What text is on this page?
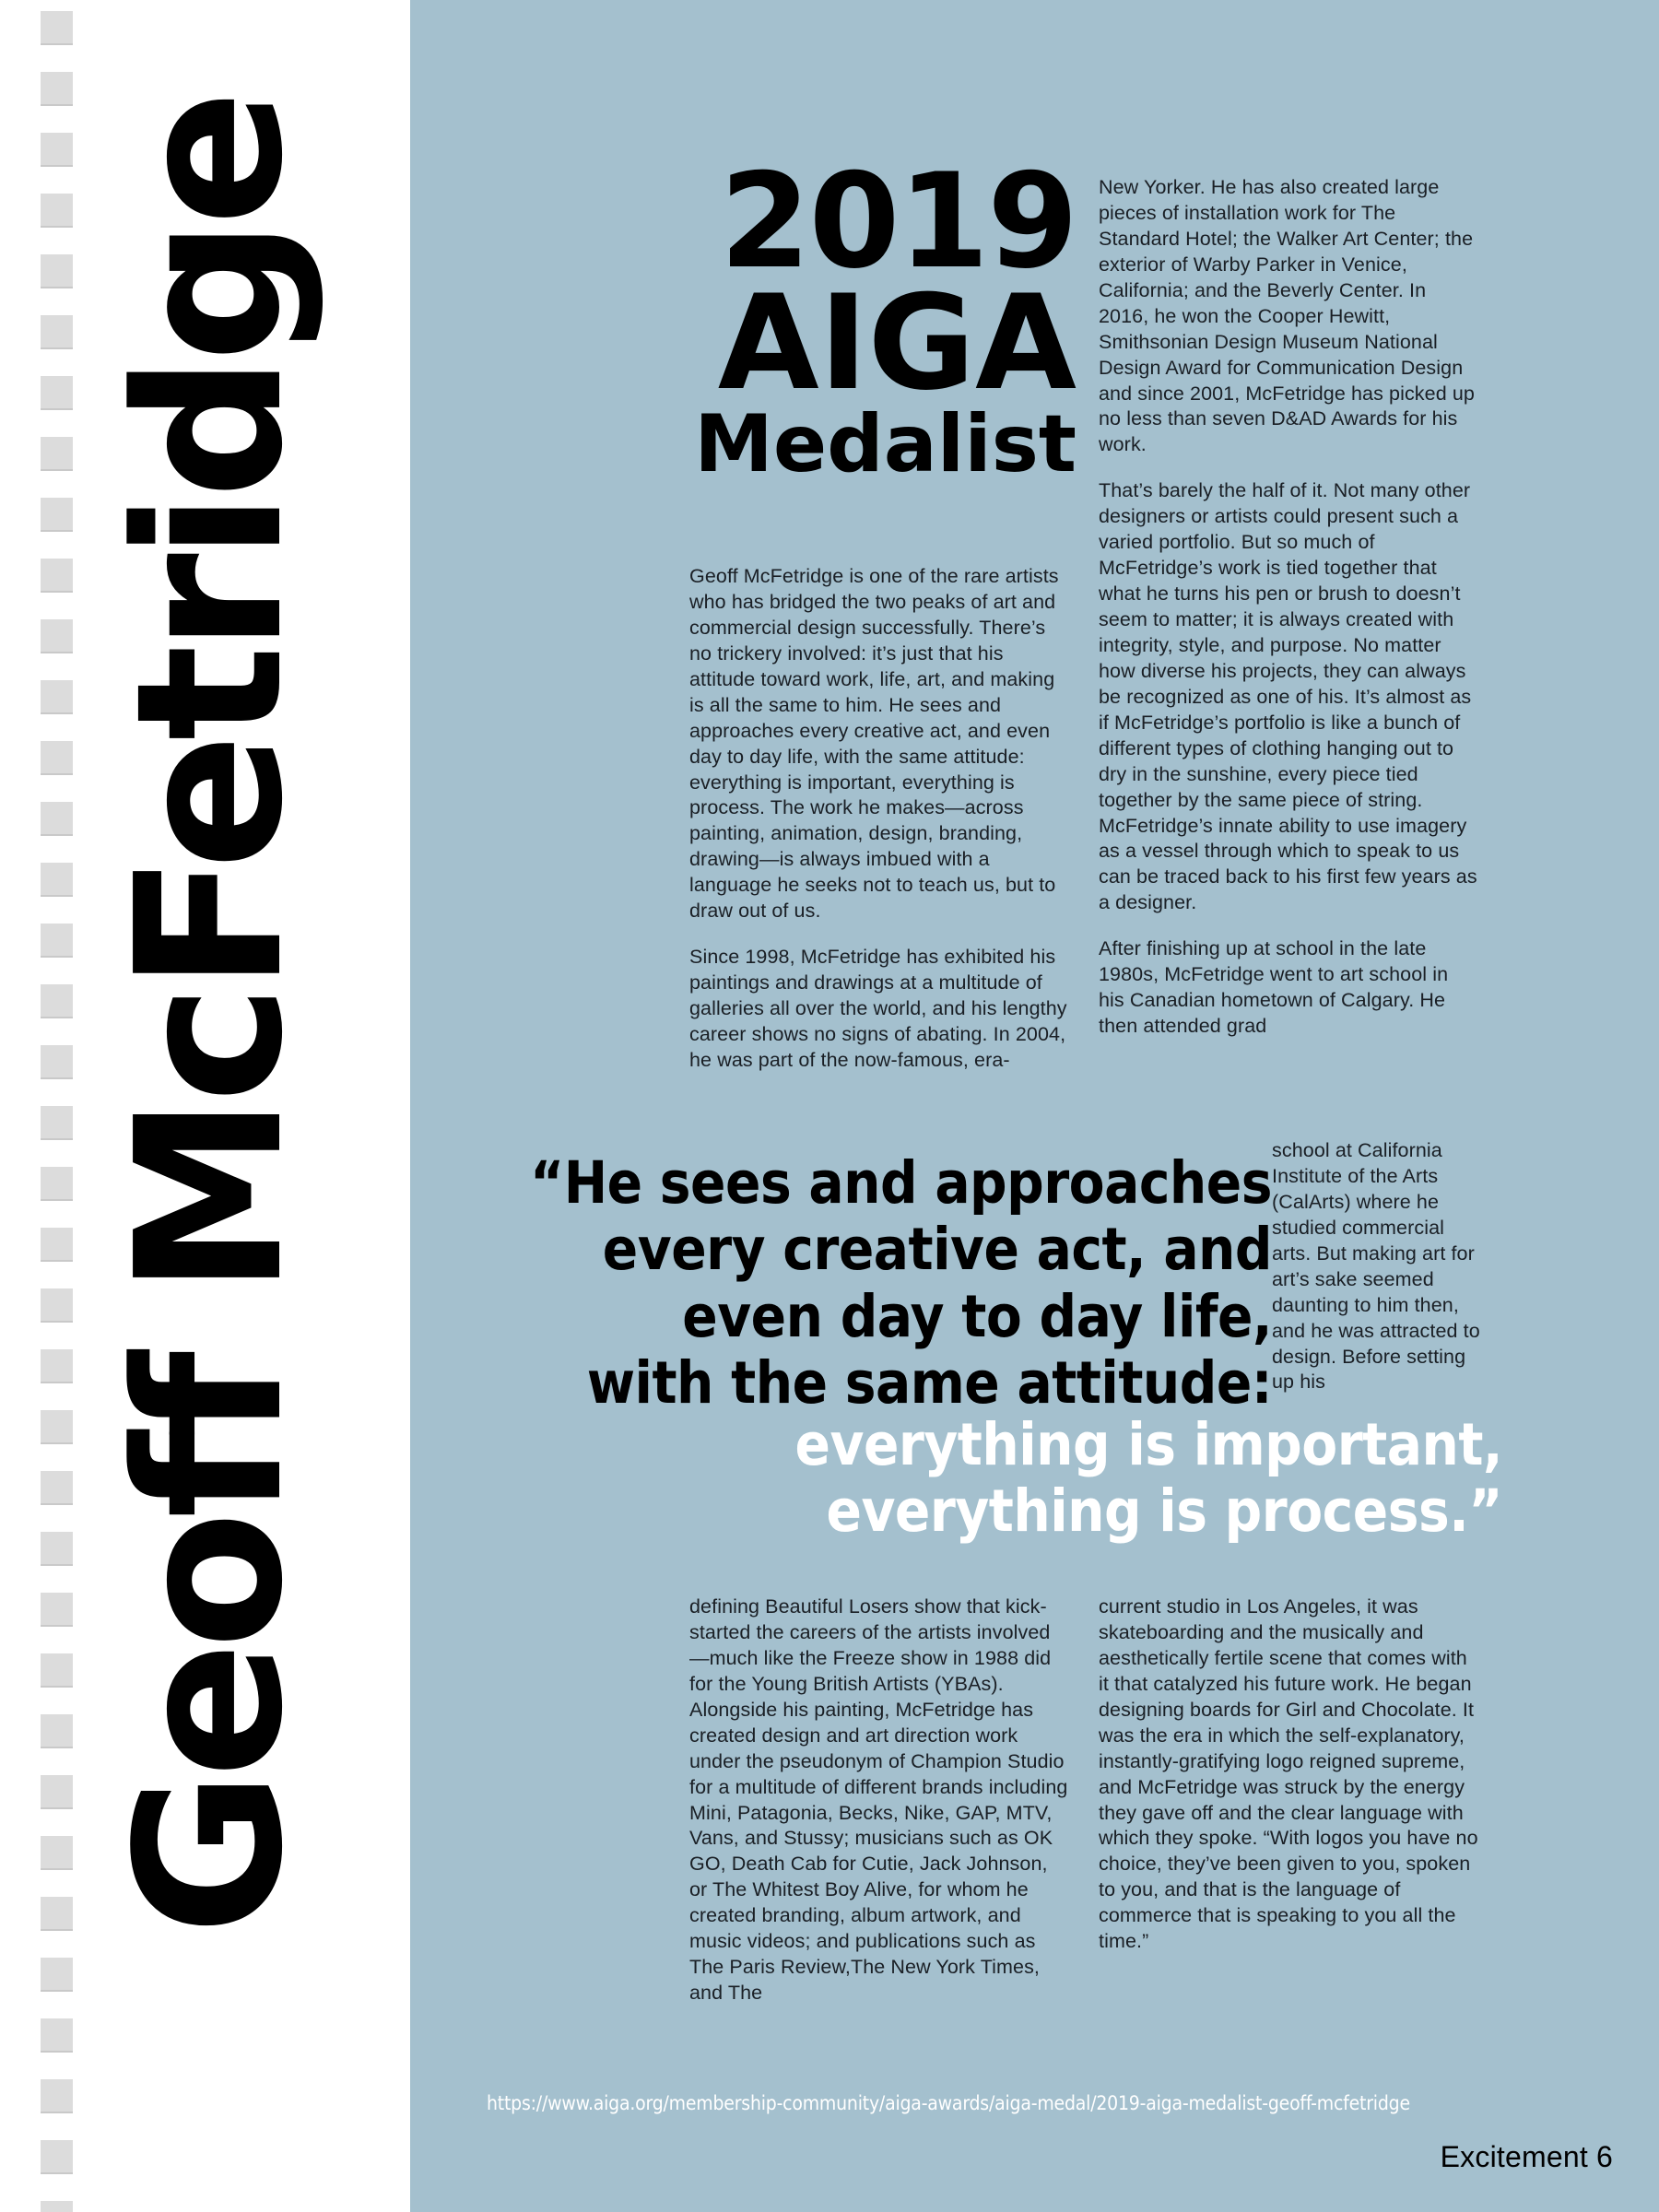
Geoff McFetridge	2019
AIGA
Medalist

Geoff McFetridge is one of the rare artists who has bridged the two peaks of art and commercial design successfully. There’s no trickery involved: it’s just that his attitude toward work, life, art, and making is all the same to him. He sees and approaches every creative act, and even day to day life, with the same attitude: everything is important, everything is process. The work he makes—across painting, animation, design, branding, drawing—is always imbued with a language he seeks not to teach us, but to draw out of us.

Since 1998, McFetridge has exhibited his paintings and drawings at a multitude of galleries all over the world, and his lengthy career shows no signs of abating. In 2004, he was part of the now-famous, era-

New Yorker. He has also created large pieces of installation work for The Standard Hotel; the Walker Art Center; the exterior of Warby Parker in Venice, California; and the Beverly Center. In 2016, he won the Cooper Hewitt, Smithsonian Design Museum National Design Award for Communication Design and since 2001, McFetridge has picked up no less than seven D&AD Awards for his work.

That’s barely the half of it. Not many other designers or artists could present such a varied portfolio. But so much of McFetridge’s work is tied together that what he turns his pen or brush to doesn’t seem to matter; it is always created with integrity, style, and purpose. No matter how diverse his projects, they can always be recognized as one of his. It’s almost as if McFetridge’s portfolio is like a bunch of different types of clothing hanging out to dry in the sunshine, every piece tied together by the same piece of string. McFetridge’s innate ability to use imagery as a vessel through which to speak to us can be traced back to his first few years as a designer.

After finishing up at school in the late 1980s, McFetridge went to art school in his Canadian hometown of Calgary. He then attended grad

school at California Institute of the Arts (CalArts) where he studied commercial arts. But making art for art’s sake seemed daunting to him then, and he was attracted to design. Before setting up his

defining Beautiful Losers show that kick-started the careers of the artists involved—much like the Freeze show in 1988 did for the Young British Artists (YBAs). Alongside his painting, McFetridge has created design and art direction work under the pseudonym of Champion Studio for a multitude of different brands including Mini, Patagonia, Becks, Nike, GAP, MTV, Vans, and Stussy; musicians such as OK GO, Death Cab for Cutie, Jack Johnson, or The Whitest Boy Alive, for whom he created branding, album artwork, and music videos; and publications such as The Paris Review,The New York Times, and The

current studio in Los Angeles, it was skateboarding and the musically and aesthetically fertile scene that comes with it that catalyzed his future work. He began designing boards for Girl and Chocolate. It was the era in which the self-explanatory, instantly-gratifying logo reigned supreme, and McFetridge was struck by the energy they gave off and the clear language with which they spoke. “With logos you have no choice, they’ve been given to you, spoken to you, and that is the language of commerce that is speaking to you all the time.”

“He sees and approaches
every creative act, and
even day to day life,
with the same attitude:
everything is important,
everything is process.”
https://www.aiga.org/membership-community/aiga-awards/aiga-medal/2019-aiga-medalist-geoff-mcfetridge
Excitement 6
